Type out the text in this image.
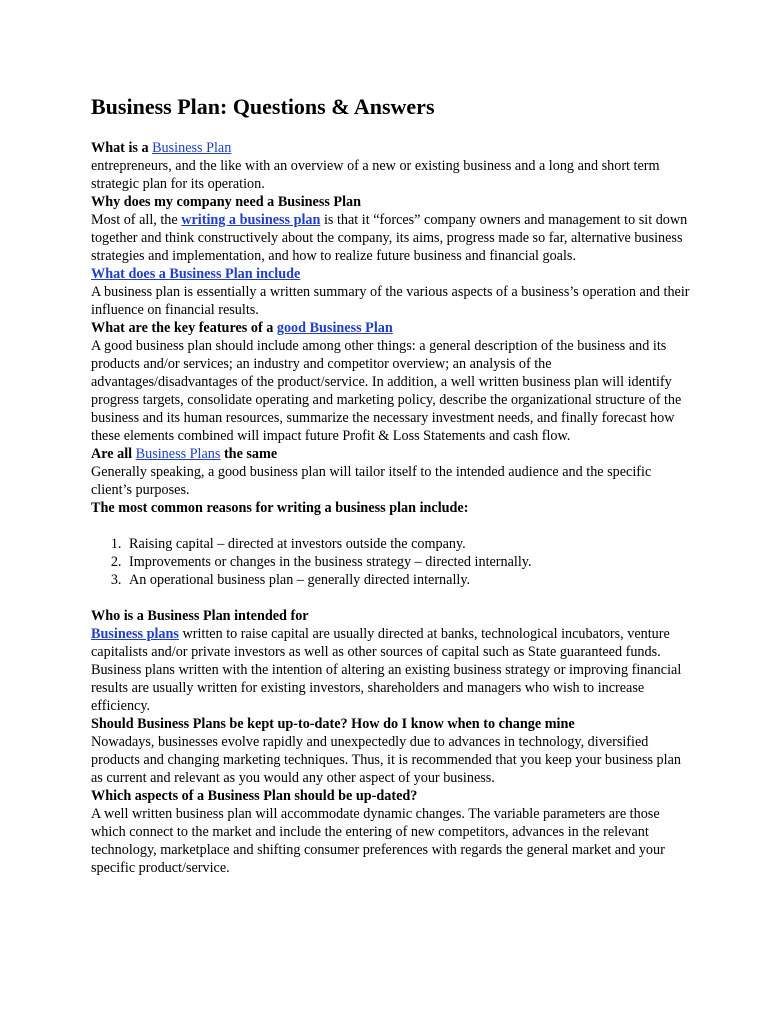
Business Plan: Questions & Answers

What is a Business Plan

entrepreneurs, and the like with an overview of a new or existing business and a long and short term strategic plan for its operation.

Why does my company need a Business Plan

Most of all, the writing a business plan is that it “forces” company owners and management to sit down together and think constructively about the company, its aims, progress made so far, alternative business strategies and implementation, and how to realize future business and financial goals.

What does a Business Plan include

A business plan is essentially a written summary of the various aspects of a business’s operation and their influence on financial results.

What are the key features of a good Business Plan

A good business plan should include among other things: a general description of the business and its products and/or services; an industry and competitor overview; an analysis of the advantages/disadvantages of the product/service. In addition, a well written business plan will identify progress targets, consolidate operating and marketing policy, describe the organizational structure of the business and its human resources, summarize the necessary investment needs, and finally forecast how these elements combined will impact future Profit & Loss Statements and cash flow.

Are all Business Plans the same

Generally speaking, a good business plan will tailor itself to the intended audience and the specific client’s purposes.

The most common reasons for writing a business plan include:

1. Raising capital – directed at investors outside the company.
2. Improvements or changes in the business strategy – directed internally.
3. An operational business plan – generally directed internally.

Who is a Business Plan intended for

Business plans written to raise capital are usually directed at banks, technological incubators, venture capitalists and/or private investors as well as other sources of capital such as State guaranteed funds.

Business plans written with the intention of altering an existing business strategy or improving financial results are usually written for existing investors, shareholders and managers who wish to increase efficiency.

Should Business Plans be kept up-to-date? How do I know when to change mine

Nowadays, businesses evolve rapidly and unexpectedly due to advances in technology, diversified products and changing marketing techniques. Thus, it is recommended that you keep your business plan as current and relevant as you would any other aspect of your business.

Which aspects of a Business Plan should be up-dated?

A well written business plan will accommodate dynamic changes. The variable parameters are those which connect to the market and include the entering of new competitors, advances in the relevant technology, marketplace and shifting consumer preferences with regards the general market and your specific product/service.
